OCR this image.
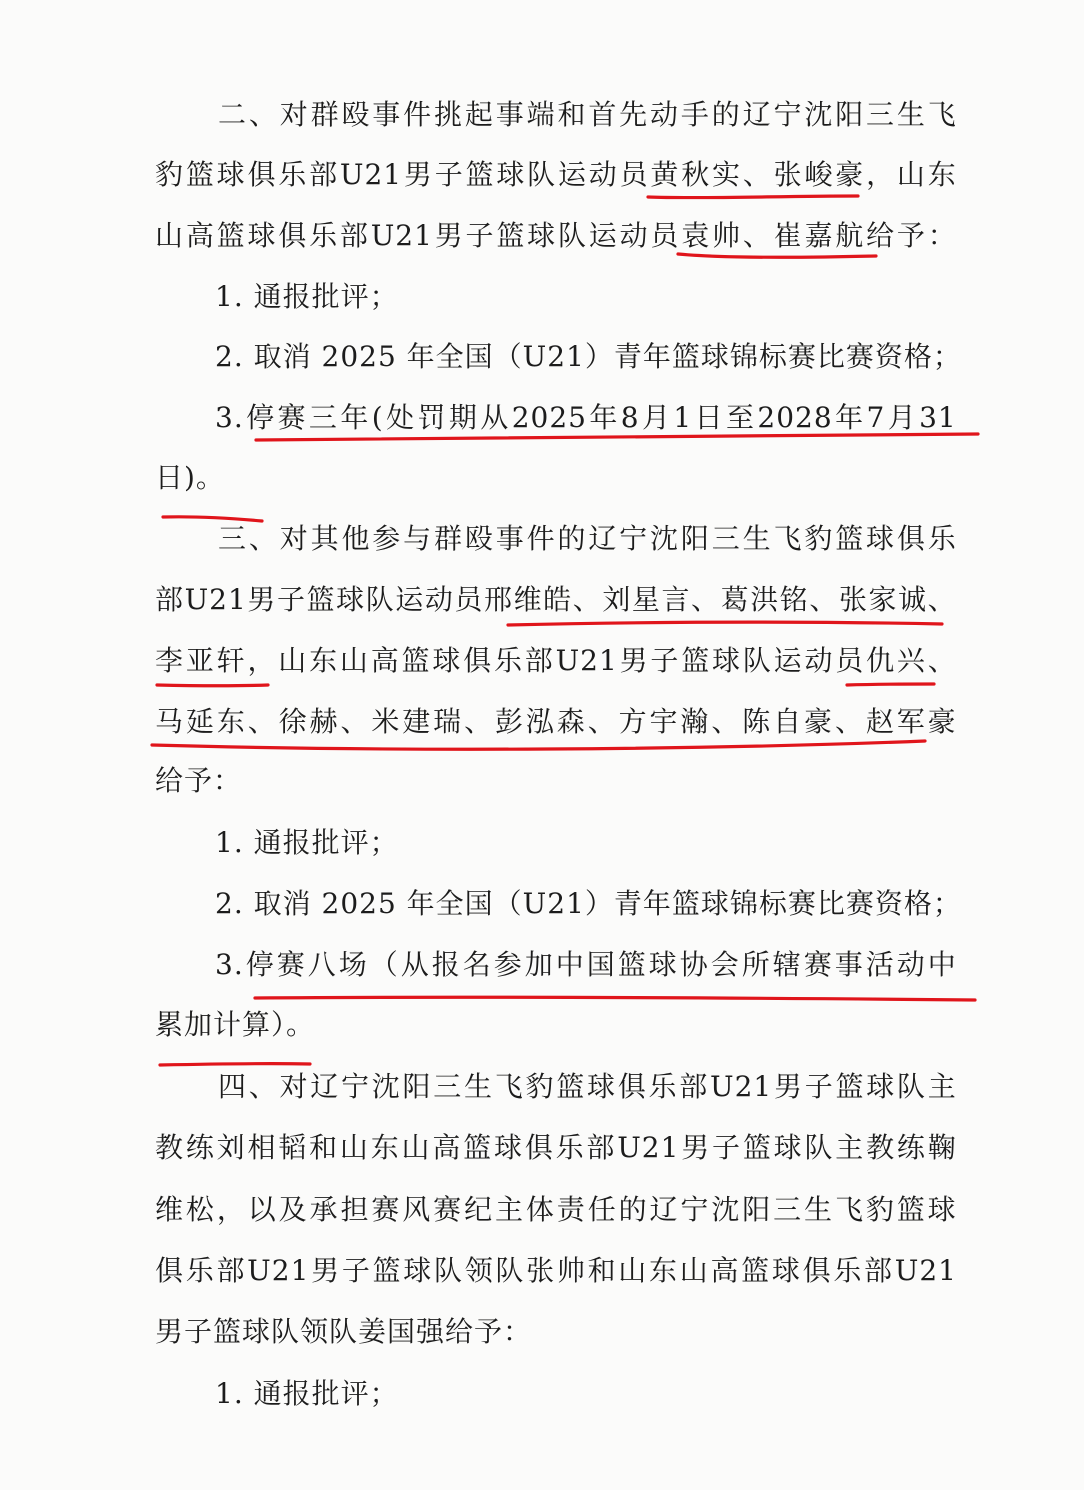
二 、 对 群 殴 事 件 挑 起 事 端 和 首 先 动 手 的 辽 宁 沈 阳 三 生 飞
豹 篮 球 俱 乐 部 U21 男 子 篮 球 队 运 动 员 黄 秋 实 、 张 峻 豪 ， 山 东
山 高 篮 球 俱 乐 部 U21 男 子 篮 球 队 运 动 员 袁 帅 、 崔 嘉 航 给 予 ：
1. 通报批评；
2. 取消 2025 年全国（U21）青年篮球锦标赛比赛资格；
3. 停 赛 三 年 ( 处 罚 期 从 2025 年 8 月 1 日 至 2028 年 7 月 31
日)。
三 、 对 其 他 参 与 群 殴 事 件 的 辽 宁 沈 阳 三 生 飞 豹 篮 球 俱 乐
部 U21 男 子 篮 球 队 运 动 员 邢 维 皓 、 刘 星 言 、 葛 洪 铭 、 张 家 诚 、
李 亚 轩 ， 山 东 山 高 篮 球 俱 乐 部 U21 男 子 篮 球 队 运 动 员 仇 兴 、
马 延 东 、 徐 赫 、 米 建 瑞 、 彭 泓 森 、 方 宇 瀚 、 陈 自 豪 、 赵 军 豪
给予：
1. 通报批评；
2. 取消 2025 年全国（U21）青年篮球锦标赛比赛资格；
3. 停 赛 八 场 （ 从 报 名 参 加 中 国 篮 球 协 会 所 辖 赛 事 活 动 中
累加计算）。
四 、 对 辽 宁 沈 阳 三 生 飞 豹 篮 球 俱 乐 部 U21 男 子 篮 球 队 主
教 练 刘 相 韬 和 山 东 山 高 篮 球 俱 乐 部 U21 男 子 篮 球 队 主 教 练 鞠
维 松 ， 以 及 承 担 赛 风 赛 纪 主 体 责 任 的 辽 宁 沈 阳 三 生 飞 豹 篮 球
俱 乐 部 U21 男 子 篮 球 队 领 队 张 帅 和 山 东 山 高 篮 球 俱 乐 部 U21
男子篮球队领队姜国强给予：
1. 通报批评；
